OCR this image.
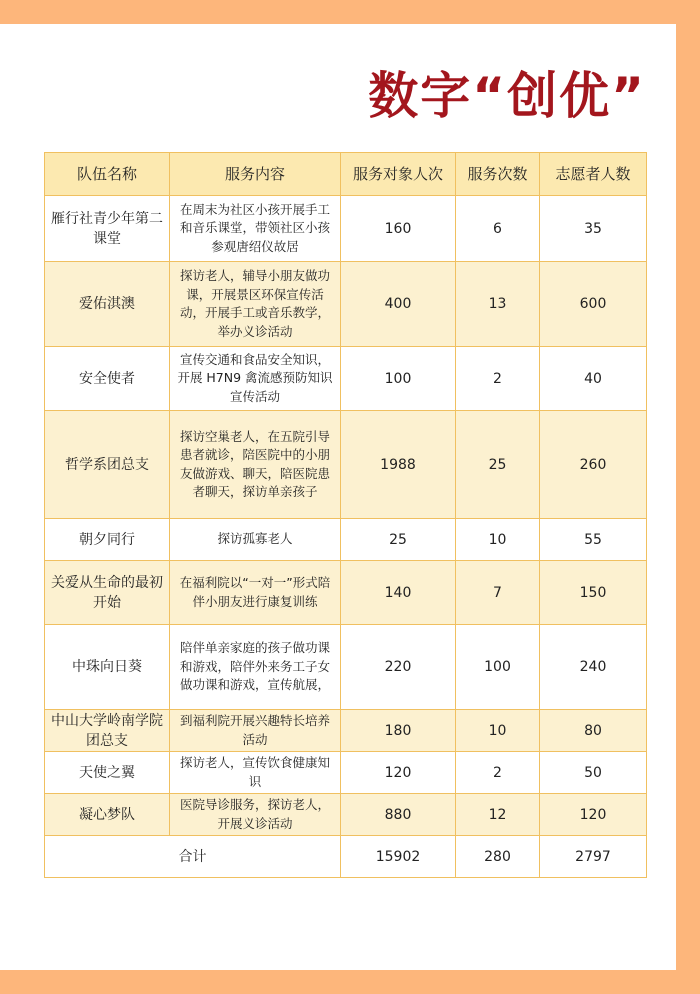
数字“创优”
队伍名称	服务内容	服务对象人次	服务次数	志愿者人数
雁行社青少年第二课堂	在周末为社区小孩开展手工和音乐课堂，带领社区小孩参观唐绍仪故居	160	6	35
爱佑淇澳	探访老人，辅导小朋友做功课，开展景区环保宣传活动，开展手工或音乐教学，举办义诊活动	400	13	600
安全使者	宣传交通和食品安全知识，开展 H7N9 禽流感预防知识宣传活动	100	2	40
哲学系团总支	探访空巢老人，在五院引导患者就诊，陪医院中的小朋友做游戏、聊天，陪医院患者聊天，探访单亲孩子	1988	25	260
朝夕同行	探访孤寡老人	25	10	55
关爱从生命的最初开始	在福利院以“一对一”形式陪伴小朋友进行康复训练	140	7	150
中珠向日葵	陪伴单亲家庭的孩子做功课和游戏，陪伴外来务工子女做功课和游戏，宣传航展，	220	100	240
中山大学岭南学院团总支	到福利院开展兴趣特长培养活动	180	10	80
天使之翼	探访老人，宣传饮食健康知识	120	2	50
凝心梦队	医院导诊服务，探访老人，开展义诊活动	880	12	120
合计		15902	280	2797
